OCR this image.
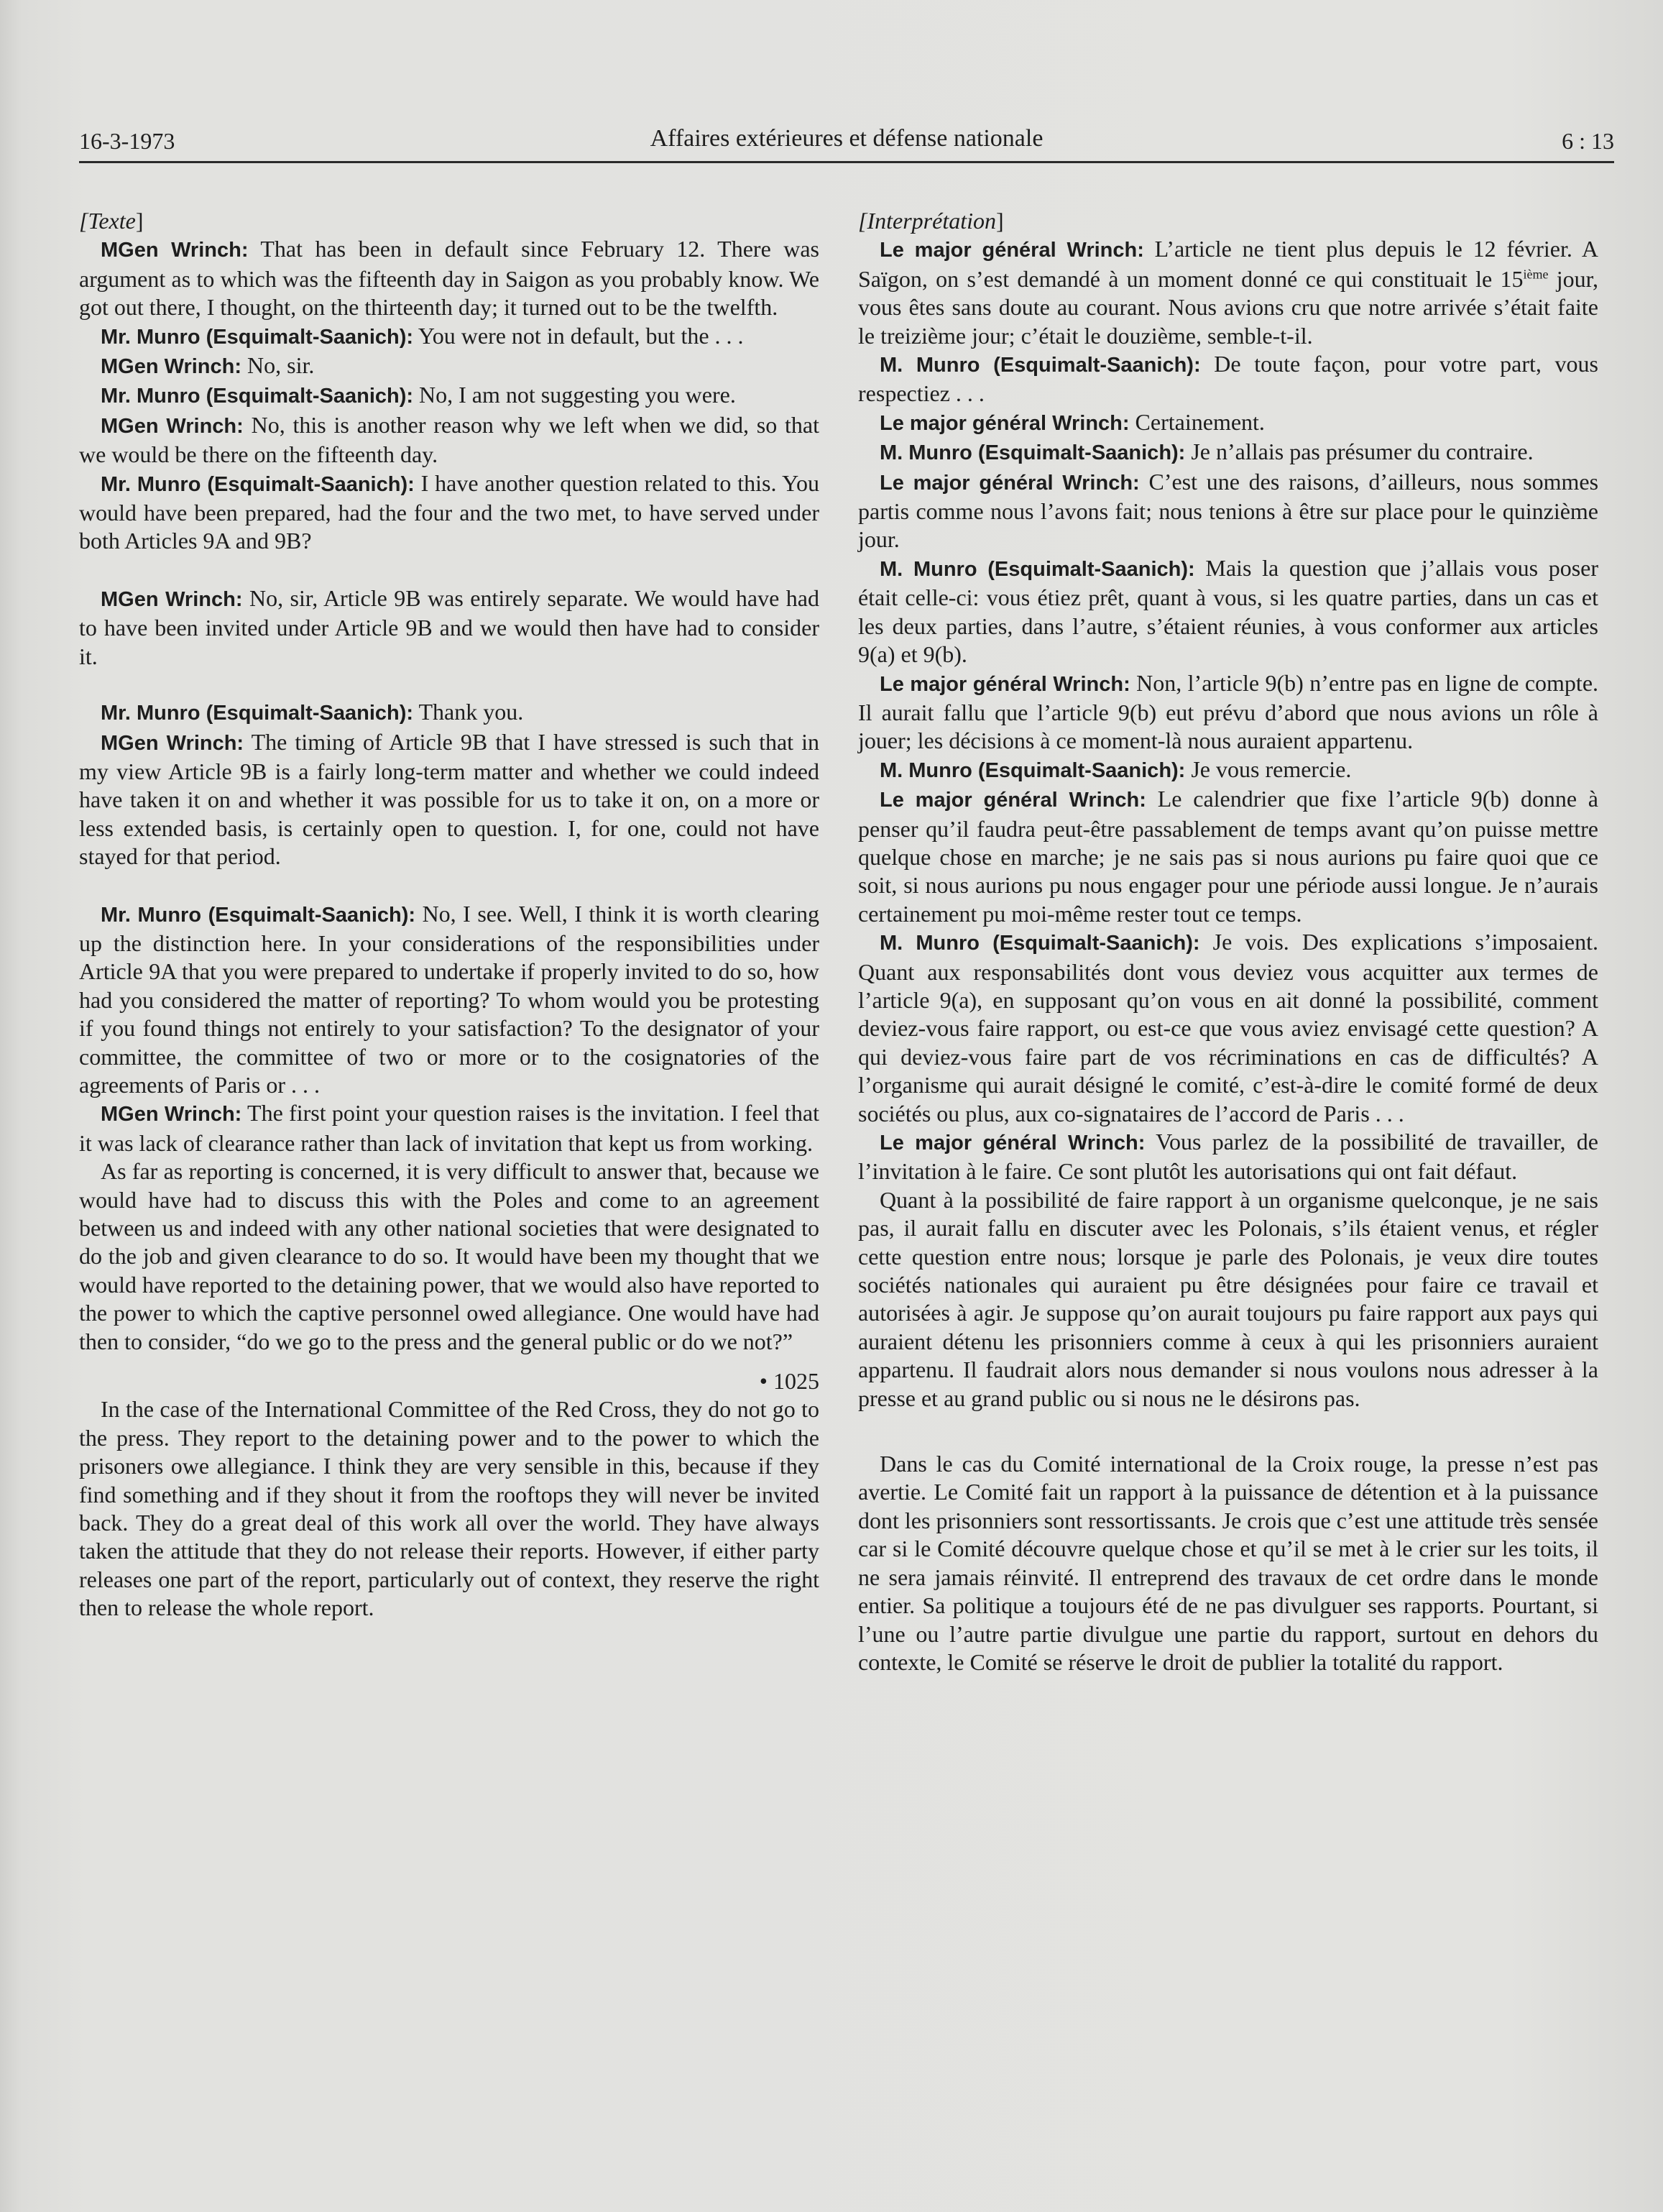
16-3-1973	Affaires extérieures et défense nationale	6 : 13

[Texte]

MGen Wrinch: That has been in default since February 12. There was argument as to which was the fifteenth day in Saigon as you probably know. We got out there, I thought, on the thirteenth day; it turned out to be the twelfth.

Mr. Munro (Esquimalt-Saanich): You were not in default, but the . . .

MGen Wrinch: No, sir.

Mr. Munro (Esquimalt-Saanich): No, I am not suggesting you were.

MGen Wrinch: No, this is another reason why we left when we did, so that we would be there on the fifteenth day.

Mr. Munro (Esquimalt-Saanich): I have another question related to this. You would have been prepared, had the four and the two met, to have served under both Articles 9A and 9B?

MGen Wrinch: No, sir, Article 9B was entirely separate. We would have had to have been invited under Article 9B and we would then have had to consider it.

Mr. Munro (Esquimalt-Saanich): Thank you.

MGen Wrinch: The timing of Article 9B that I have stressed is such that in my view Article 9B is a fairly long-term matter and whether we could indeed have taken it on and whether it was possible for us to take it on, on a more or less extended basis, is certainly open to question. I, for one, could not have stayed for that period.

Mr. Munro (Esquimalt-Saanich): No, I see. Well, I think it is worth clearing up the distinction here. In your considerations of the responsibilities under Article 9A that you were prepared to undertake if properly invited to do so, how had you considered the matter of reporting? To whom would you be protesting if you found things not entirely to your satisfaction? To the designator of your committee, the committee of two or more or to the cosignatories of the agreements of Paris or . . .

MGen Wrinch: The first point your question raises is the invitation. I feel that it was lack of clearance rather than lack of invitation that kept us from working.

As far as reporting is concerned, it is very difficult to answer that, because we would have had to discuss this with the Poles and come to an agreement between us and indeed with any other national societies that were designated to do the job and given clearance to do so. It would have been my thought that we would have reported to the detaining power, that we would also have reported to the power to which the captive personnel owed allegiance. One would have had then to consider, “do we go to the press and the general public or do we not?”

• 1025

In the case of the International Committee of the Red Cross, they do not go to the press. They report to the detaining power and to the power to which the prisoners owe allegiance. I think they are very sensible in this, because if they find something and if they shout it from the rooftops they will never be invited back. They do a great deal of this work all over the world. They have always taken the attitude that they do not release their reports. However, if either party releases one part of the report, particularly out of context, they reserve the right then to release the whole report.

[Interprétation]

Le major général Wrinch: L’article ne tient plus depuis le 12 février. A Saïgon, on s’est demandé à un moment donné ce qui constituait le 15ième jour, vous êtes sans doute au courant. Nous avions cru que notre arrivée s’était faite le treizième jour; c’était le douzième, semble-t-il.

M. Munro (Esquimalt-Saanich): De toute façon, pour votre part, vous respectiez . . .

Le major général Wrinch: Certainement.

M. Munro (Esquimalt-Saanich): Je n’allais pas présumer du contraire.

Le major général Wrinch: C’est une des raisons, d’ailleurs, nous sommes partis comme nous l’avons fait; nous tenions à être sur place pour le quinzième jour.

M. Munro (Esquimalt-Saanich): Mais la question que j’allais vous poser était celle-ci: vous étiez prêt, quant à vous, si les quatre parties, dans un cas et les deux parties, dans l’autre, s’étaient réunies, à vous conformer aux articles 9(a) et 9(b).

Le major général Wrinch: Non, l’article 9(b) n’entre pas en ligne de compte. Il aurait fallu que l’article 9(b) eut prévu d’abord que nous avions un rôle à jouer; les décisions à ce moment-là nous auraient appartenu.

M. Munro (Esquimalt-Saanich): Je vous remercie.

Le major général Wrinch: Le calendrier que fixe l’article 9(b) donne à penser qu’il faudra peut-être passablement de temps avant qu’on puisse mettre quelque chose en marche; je ne sais pas si nous aurions pu faire quoi que ce soit, si nous aurions pu nous engager pour une période aussi longue. Je n’aurais certainement pu moi-même rester tout ce temps.

M. Munro (Esquimalt-Saanich): Je vois. Des explications s’imposaient. Quant aux responsabilités dont vous deviez vous acquitter aux termes de l’article 9(a), en supposant qu’on vous en ait donné la possibilité, comment deviez-vous faire rapport, ou est-ce que vous aviez envisagé cette question? A qui deviez-vous faire part de vos récriminations en cas de difficultés? A l’organisme qui aurait désigné le comité, c’est-à-dire le comité formé de deux sociétés ou plus, aux co-signataires de l’accord de Paris . . .

Le major général Wrinch: Vous parlez de la possibilité de travailler, de l’invitation à le faire. Ce sont plutôt les autorisations qui ont fait défaut.

Quant à la possibilité de faire rapport à un organisme quelconque, je ne sais pas, il aurait fallu en discuter avec les Polonais, s’ils étaient venus, et régler cette question entre nous; lorsque je parle des Polonais, je veux dire toutes sociétés nationales qui auraient pu être désignées pour faire ce travail et autorisées à agir. Je suppose qu’on aurait toujours pu faire rapport aux pays qui auraient détenu les prisonniers comme à ceux à qui les prisonniers auraient appartenu. Il faudrait alors nous demander si nous voulons nous adresser à la presse et au grand public ou si nous ne le désirons pas.

Dans le cas du Comité international de la Croix rouge, la presse n’est pas avertie. Le Comité fait un rapport à la puissance de détention et à la puissance dont les prisonniers sont ressortissants. Je crois que c’est une attitude très sensée car si le Comité découvre quelque chose et qu’il se met à le crier sur les toits, il ne sera jamais réinvité. Il entreprend des travaux de cet ordre dans le monde entier. Sa politique a toujours été de ne pas divulguer ses rapports. Pourtant, si l’une ou l’autre partie divulgue une partie du rapport, surtout en dehors du contexte, le Comité se réserve le droit de publier la totalité du rapport.
